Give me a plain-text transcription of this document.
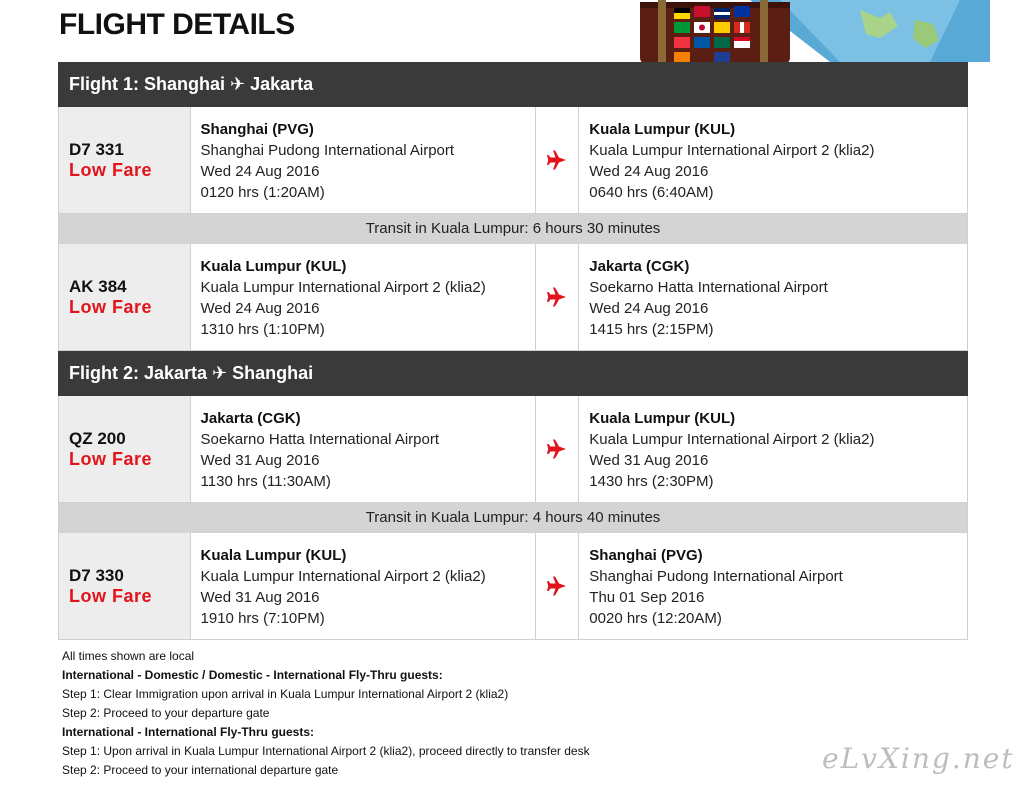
FLIGHT DETAILS
Flight 1: Shanghai ✈ Jakarta
D7 331
Low Fare
Shanghai (PVG)
Shanghai Pudong International Airport
Wed 24 Aug 2016
0120 hrs (1:20AM)
Kuala Lumpur (KUL)
Kuala Lumpur International Airport 2 (klia2)
Wed 24 Aug 2016
0640 hrs (6:40AM)
Transit in Kuala Lumpur: 6 hours 30 minutes
AK 384
Low Fare
Kuala Lumpur (KUL)
Kuala Lumpur International Airport 2 (klia2)
Wed 24 Aug 2016
1310 hrs (1:10PM)
Jakarta (CGK)
Soekarno Hatta International Airport
Wed 24 Aug 2016
1415 hrs (2:15PM)
Flight 2: Jakarta ✈ Shanghai
QZ 200
Low Fare
Jakarta (CGK)
Soekarno Hatta International Airport
Wed 31 Aug 2016
1130 hrs (11:30AM)
Kuala Lumpur (KUL)
Kuala Lumpur International Airport 2 (klia2)
Wed 31 Aug 2016
1430 hrs (2:30PM)
Transit in Kuala Lumpur: 4 hours 40 minutes
D7 330
Low Fare
Kuala Lumpur (KUL)
Kuala Lumpur International Airport 2 (klia2)
Wed 31 Aug 2016
1910 hrs (7:10PM)
Shanghai (PVG)
Shanghai Pudong International Airport
Thu 01 Sep 2016
0020 hrs (12:20AM)
All times shown are local
International - Domestic / Domestic - International Fly-Thru guests:
Step 1: Clear Immigration upon arrival in Kuala Lumpur International Airport 2 (klia2)
Step 2: Proceed to your departure gate
International - International Fly-Thru guests:
Step 1: Upon arrival in Kuala Lumpur International Airport 2 (klia2), proceed directly to transfer desk
Step 2: Proceed to your international departure gate	eLvXing.net
